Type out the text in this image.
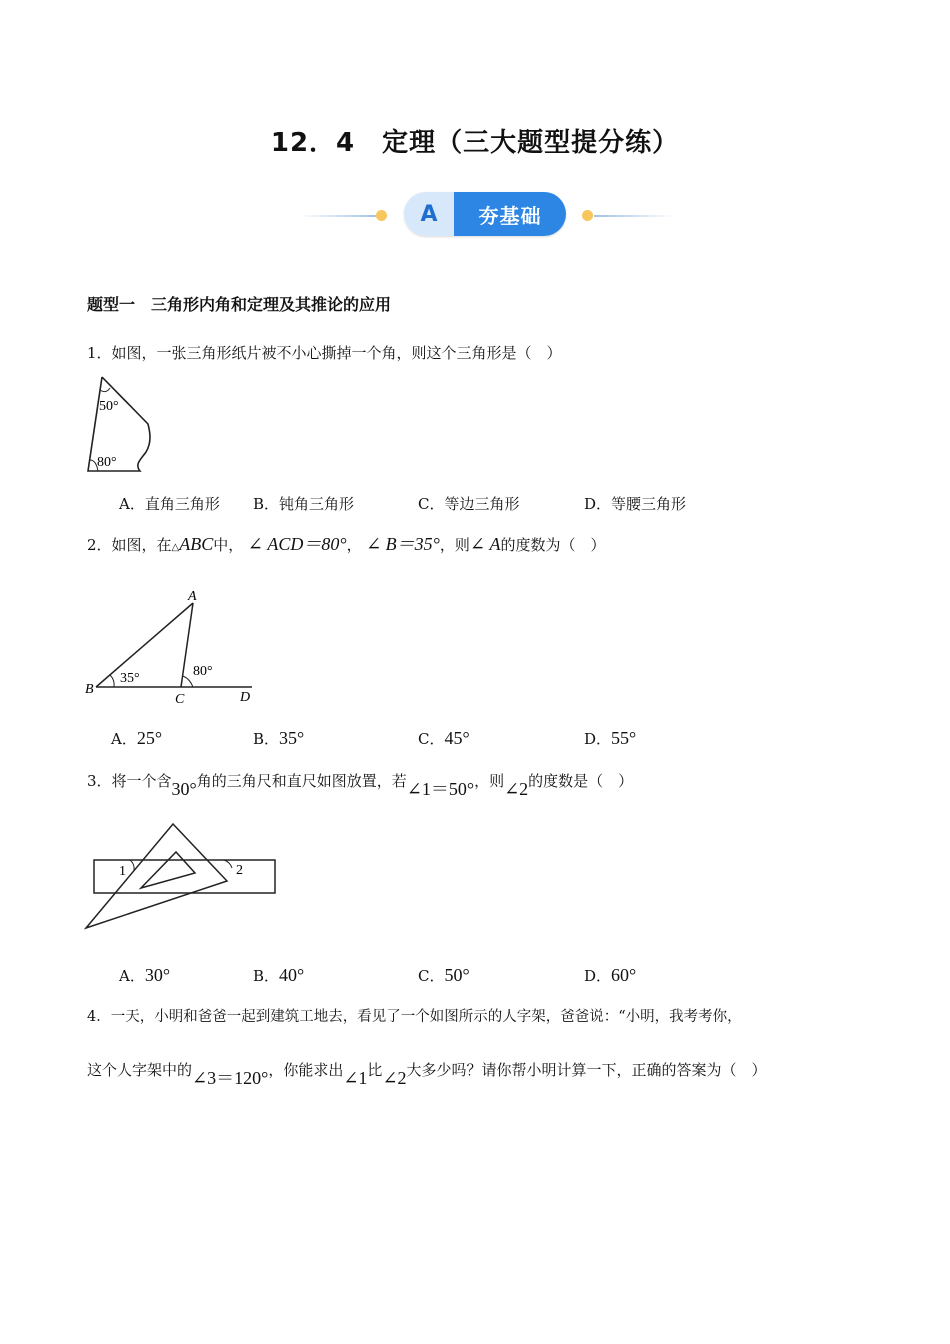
12．4　定理（三大题型提分练）
A	夯基础
题型一　三角形内角和定理及其推论的应用
1．如图，一张三角形纸片被不小心撕掉一个角，则这个三角形是（　）
50°
80°
A．直角三角形 B．钝角三角形	C．等边三角形	D．等腰三角形
2．如图，在△ABC中， ∠ ACD＝80°， ∠ B＝35°，则∠ A的度数为（　）
A
B
C	D
35°	80°
A．25°	B．35°	C．45°	D．55°
3．将一个含30°角的三角尺和直尺如图放置，若∠1＝50°，则∠2的度数是（　）
1	2
A．30°	B．40°	C．50°	D．60°
4．一天，小明和爸爸一起到建筑工地去，看见了一个如图所示的人字架，爸爸说：“小明，我考考你，
这个人字架中的∠3＝120°，你能求出∠1比∠2大多少吗？请你帮小明计算一下，正确的答案为（　）
